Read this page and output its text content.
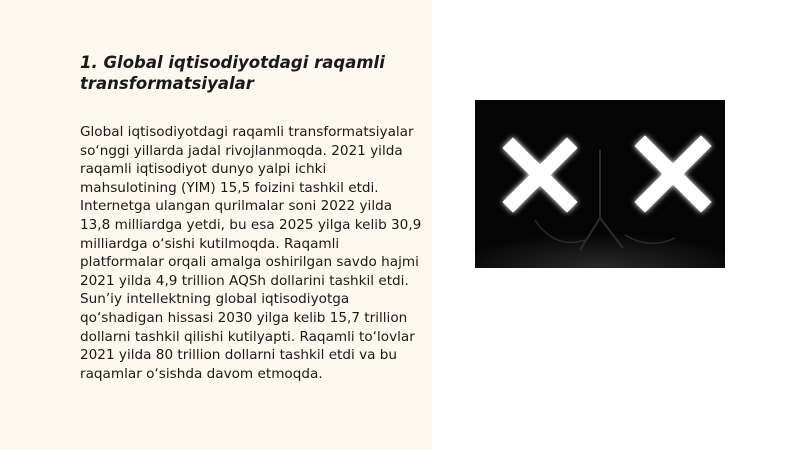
1. Global iqtisodiyotdagi raqamli transformatsiyalar

Global iqtisodiyotdagi raqamli transformatsiyalar so‘nggi yillarda jadal rivojlanmoqda. 2021 yilda raqamli iqtisodiyot dunyo yalpi ichki mahsulotining (YIM) 15,5 foizini tashkil etdi. Internetga ulangan qurilmalar soni 2022 yilda 13,8 milliardga yetdi, bu esa 2025 yilga kelib 30,9 milliardga o‘sishi kutilmoqda. Raqamli platformalar orqali amalga oshirilgan savdo hajmi 2021 yilda 4,9 trillion AQSh dollarini tashkil etdi. Sun’iy intellektning global iqtisodiyotga qo‘shadigan hissasi 2030 yilga kelib 15,7 trillion dollarni tashkil qilishi kutilyapti. Raqamli to‘lovlar 2021 yilda 80 trillion dollarni tashkil etdi va bu raqamlar o‘sishda davom etmoqda.
